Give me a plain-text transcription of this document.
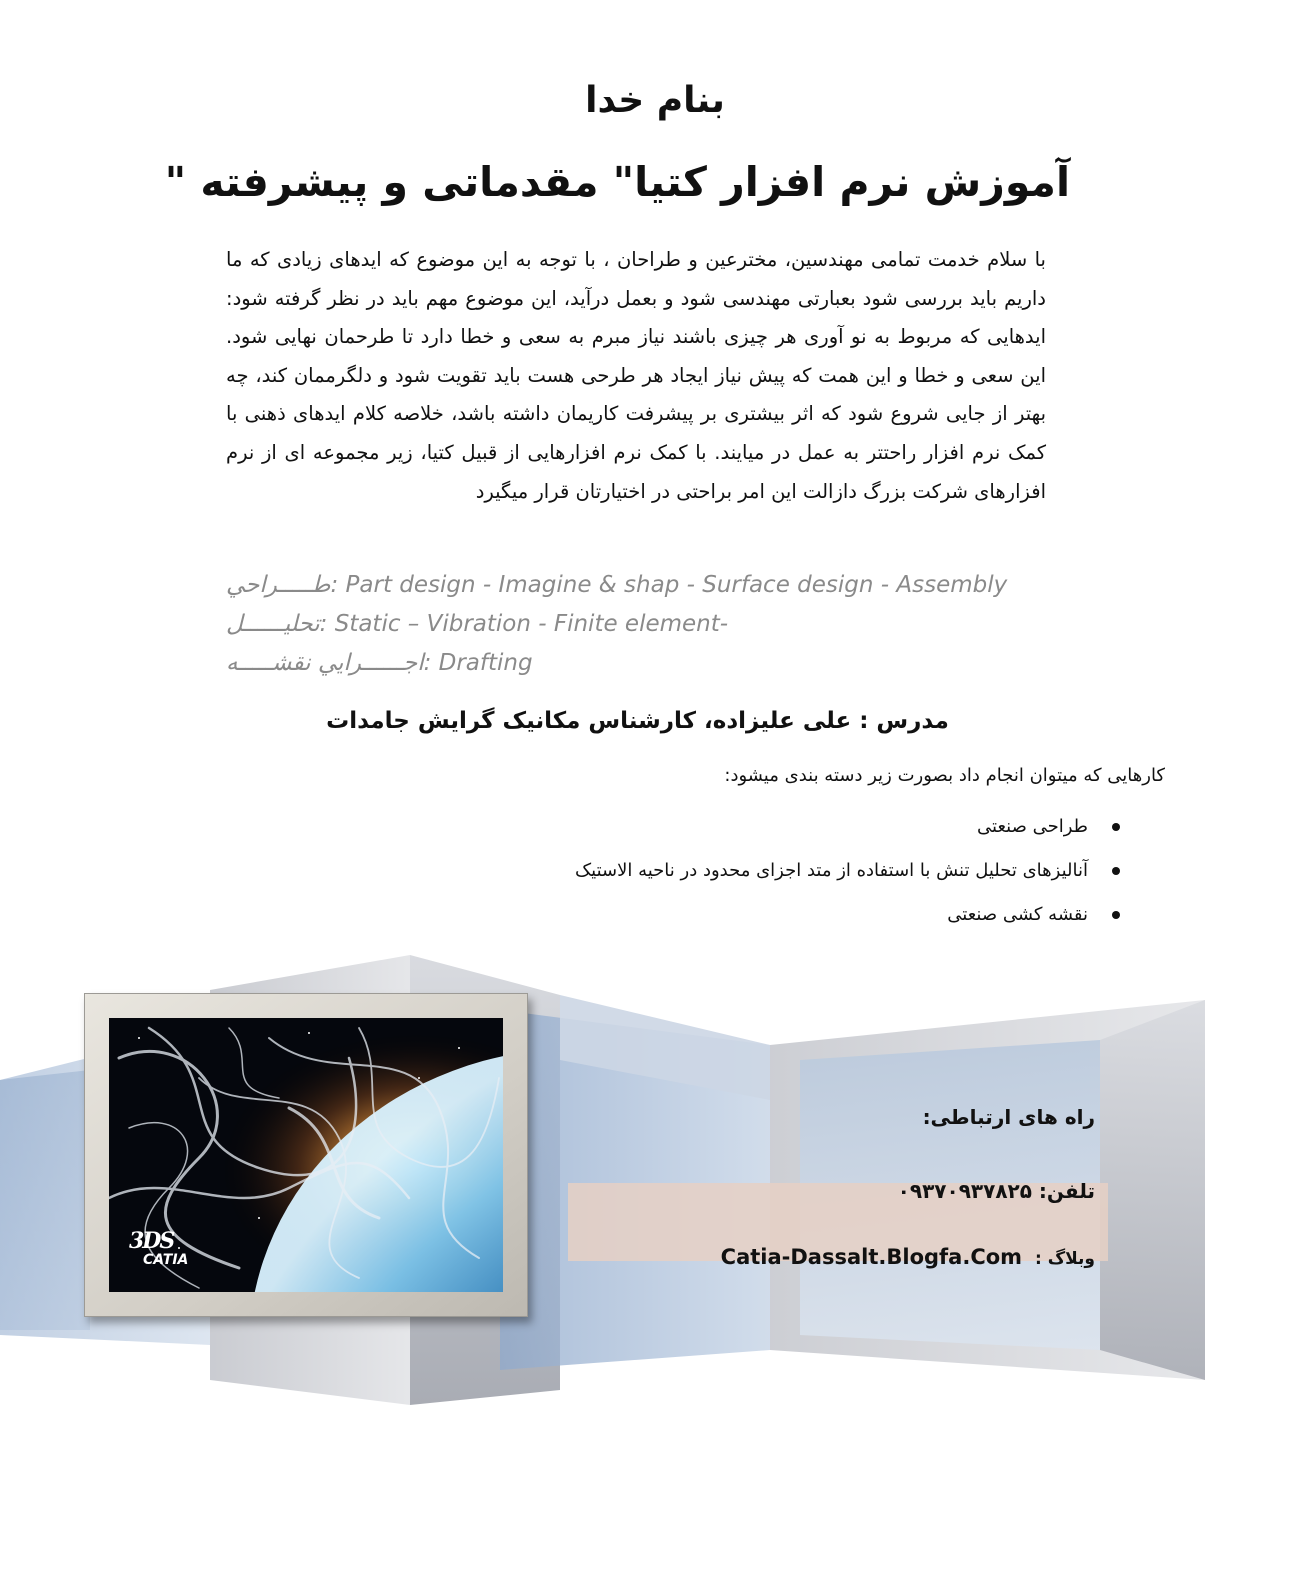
بنام خدا
آموزش نرم افزار کتیا" مقدماتی و پیشرفته "

با سلام خدمت تمامی مهندسین، مخترعین و طراحان ، با توجه به این موضوع که ایدهای زیادی که ما داریم باید بررسی شود بعبارتی مهندسی شود و بعمل درآید، این موضوع مهم باید در نظر گرفته شود: ایدهایی که مربوط به نو آوری هر چیزی باشند نیاز مبرم به سعی و خطا دارد تا طرحمان نهایی شود. این سعی و خطا و این همت که پیش نیاز ایجاد هر طرحی هست باید تقویت شود و دلگرممان کند، چه بهتر از جایی شروع شود که اثر بیشتری بر پیشرفت کاریمان داشته باشد، خلاصه کلام ایدهای ذهنی با کمک نرم افزار راحتتر به عمل در میایند. با کمک نرم افزارهایی از قبیل کتیا، زیر مجموعه ای از نرم افزارهای شرکت بزرگ دازالت این امر براحتی در اختیارتان قرار میگیرد

طـــــراحي: Part design - Imagine & shap - Surface design - Assembly
تحليــــــل: Static – Vibration - Finite element-
اجــــــرايي نقشـــــه: Drafting
مدرس : علی علیزاده، کارشناس مکانیک گرایش جامدات

کارهایی که میتوان انجام داد بصورت زیر دسته بندی میشود:

طراحی صنعتی
آنالیزهای تحلیل تنش با استفاده از متد اجزای محدود در ناحیه الاستیک
نقشه کشی صنعتی
3DS
CATIA
راه های ارتباطی:
تلفن: ۰۹۳۷۰۹۳۷۸۲۵
وبلاگ : Catia-Dassalt.Blogfa.Com
